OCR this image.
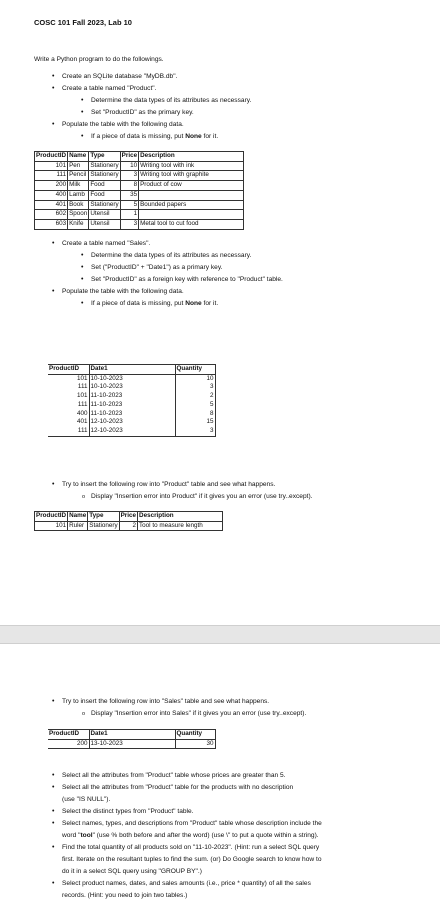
COSC 101 Fall 2023, Lab 10
Write a Python program to do the followings.
• Create an SQLite database "MyDB.db".
• Create a table named "Product".
• Determine the data types of its attributes as necessary.
• Set "ProductID" as the primary key.
• Populate the table with the following data.
• If a piece of data is missing, put None for it.
ProductID	Name	Type	Price	Description
101	Pen	Stationery	10	Writing tool with ink
111	Pencil	Stationery	3	Writing tool with graphite
200	Milk	Food	8	Product of cow
400	Lamb	Food	35	
401	Book	Stationery	5	Bounded papers
602	Spoon	Utensil	1	
603	Knife	Utensil	3	Metal tool to cut food
• Create a table named "Sales".
• Determine the data types of its attributes as necessary.
• Set ("ProductID" + "Date1") as a primary key.
• Set "ProductID" as a foreign key with reference to "Product" table.
• Populate the table with the following data.
• If a piece of data is missing, put None for it.
ProductID	Date1	Quantity
101	10-10-2023	10
111	10-10-2023	3
101	11-10-2023	2
111	11-10-2023	5
400	11-10-2023	8
401	12-10-2023	15
111	12-10-2023	3
• Try to insert the following row into "Product" table and see what happens.
o Display "Insertion error into Product" if it gives you an error (use try..except).
ProductID	Name	Type	Price	Description
101	Ruler	Stationery	2	Tool to measure length
• Try to insert the following row into "Sales" table and see what happens.
o Display "Insertion error into Sales" if it gives you an error (use try..except).
ProductID	Date1	Quantity
200	13-10-2023	30
• Select all the attributes from "Product" table whose prices are greater than 5.
• Select all the attributes from "Product" table for the products with no description
(use "IS NULL").
• Select the distinct types from "Product" table.
• Select names, types, and descriptions from "Product" table whose description include the
word "tool" (use % both before and after the word) (use \" to put a quote within a string).
• Find the total quantity of all products sold on "11-10-2023". (Hint: run a select SQL query
first. Iterate on the resultant tuples to find the sum. (or) Do Google search to know how to
do it in a select SQL query using "GROUP BY".)
• Select product names, dates, and sales amounts (i.e., price * quantity) of all the sales
records. (Hint: you need to join two tables.)
